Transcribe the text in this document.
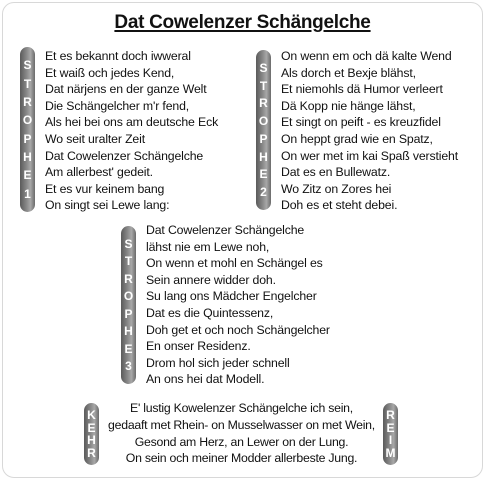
Dat Cowelenzer Schängelche
S
T
R
O
P
H
E
1
Et es bekannt doch iwweral
Et waiß och jedes Kend,
Dat närjens en der ganze Welt
Die Schängelcher m'r fend,
Als hei bei ons am deutsche Eck
Wo seit uralter Zeit
Dat Cowelenzer Schängelche
Am allerbest' gedeit.
Et es vur keinem bang
On singt sei Lewe lang:
S
T
R
O
P
H
E
2
On wenn em och dä kalte Wend
Als dorch et Bexje blähst,
Et niemohls dä Humor verleert
Dä Kopp nie hänge lähst,
Et singt on peift - es kreuzfidel
On heppt grad wie en Spatz,
On wer met im kai Spaß verstieht
Dat es en Bullewatz.
Wo Zitz on Zores hei
Doh es et steht debei.
S
T
R
O
P
H
E
3
Dat Cowelenzer Schängelche
lähst nie em Lewe noh,
On wenn et mohl en Schängel es
Sein annere widder doh.
Su lang ons Mädcher Engelcher
Dat es die Quintessenz,
Doh get et och noch Schängelcher
En onser Residenz.
Drom hol sich jeder schnell
An ons hei dat Modell.
K
E
H
R
R
E
I
M
E' lustig Kowelenzer Schängelche ich sein,
gedaaft met Rhein- on Musselwasser on met Wein,
Gesond am Herz, an Lewer on der Lung.
On sein och meiner Modder allerbeste Jung.
